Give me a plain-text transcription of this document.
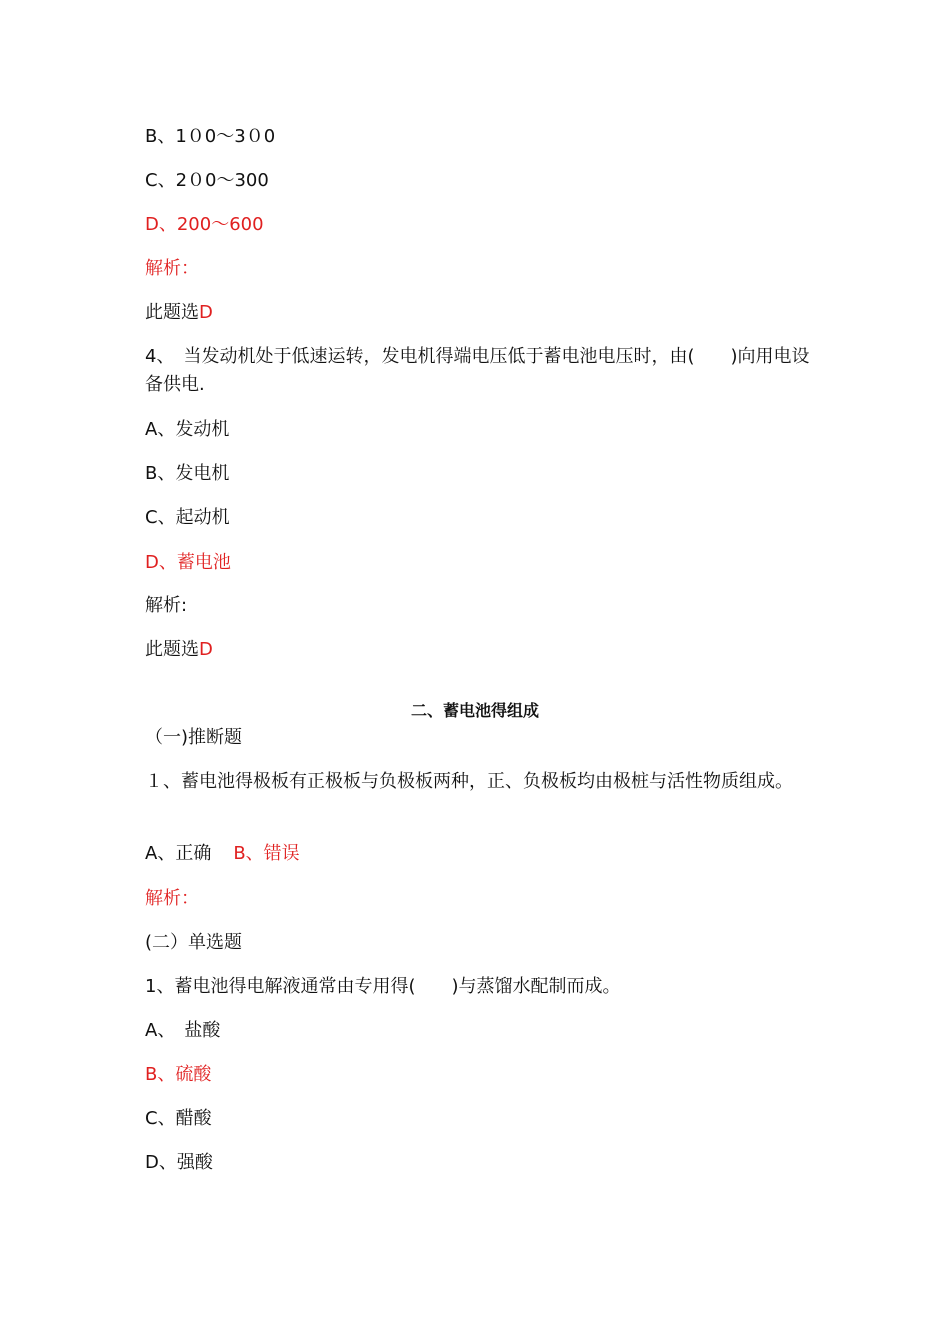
B、1０0～3０0

C、2０0～300

D、200～600

解析：

此题选D

4、　当发动机处于低速运转，发电机得端电压低于蓄电池电压时，由(　　)向用电设备供电.

A、发动机

B、发电机

C、起动机

D、蓄电池

解析:

此题选D

二、蓄电池得组成

（一)推断题

１、蓄电池得极板有正极板与负极板两种，正、负极板均由极桩与活性物质组成。

A、正确 B、错误

解析：

(二）单选题

1、蓄电池得电解液通常由专用得(　　)与蒸馏水配制而成。

A、　盐酸

B、硫酸

C、醋酸

D、强酸
